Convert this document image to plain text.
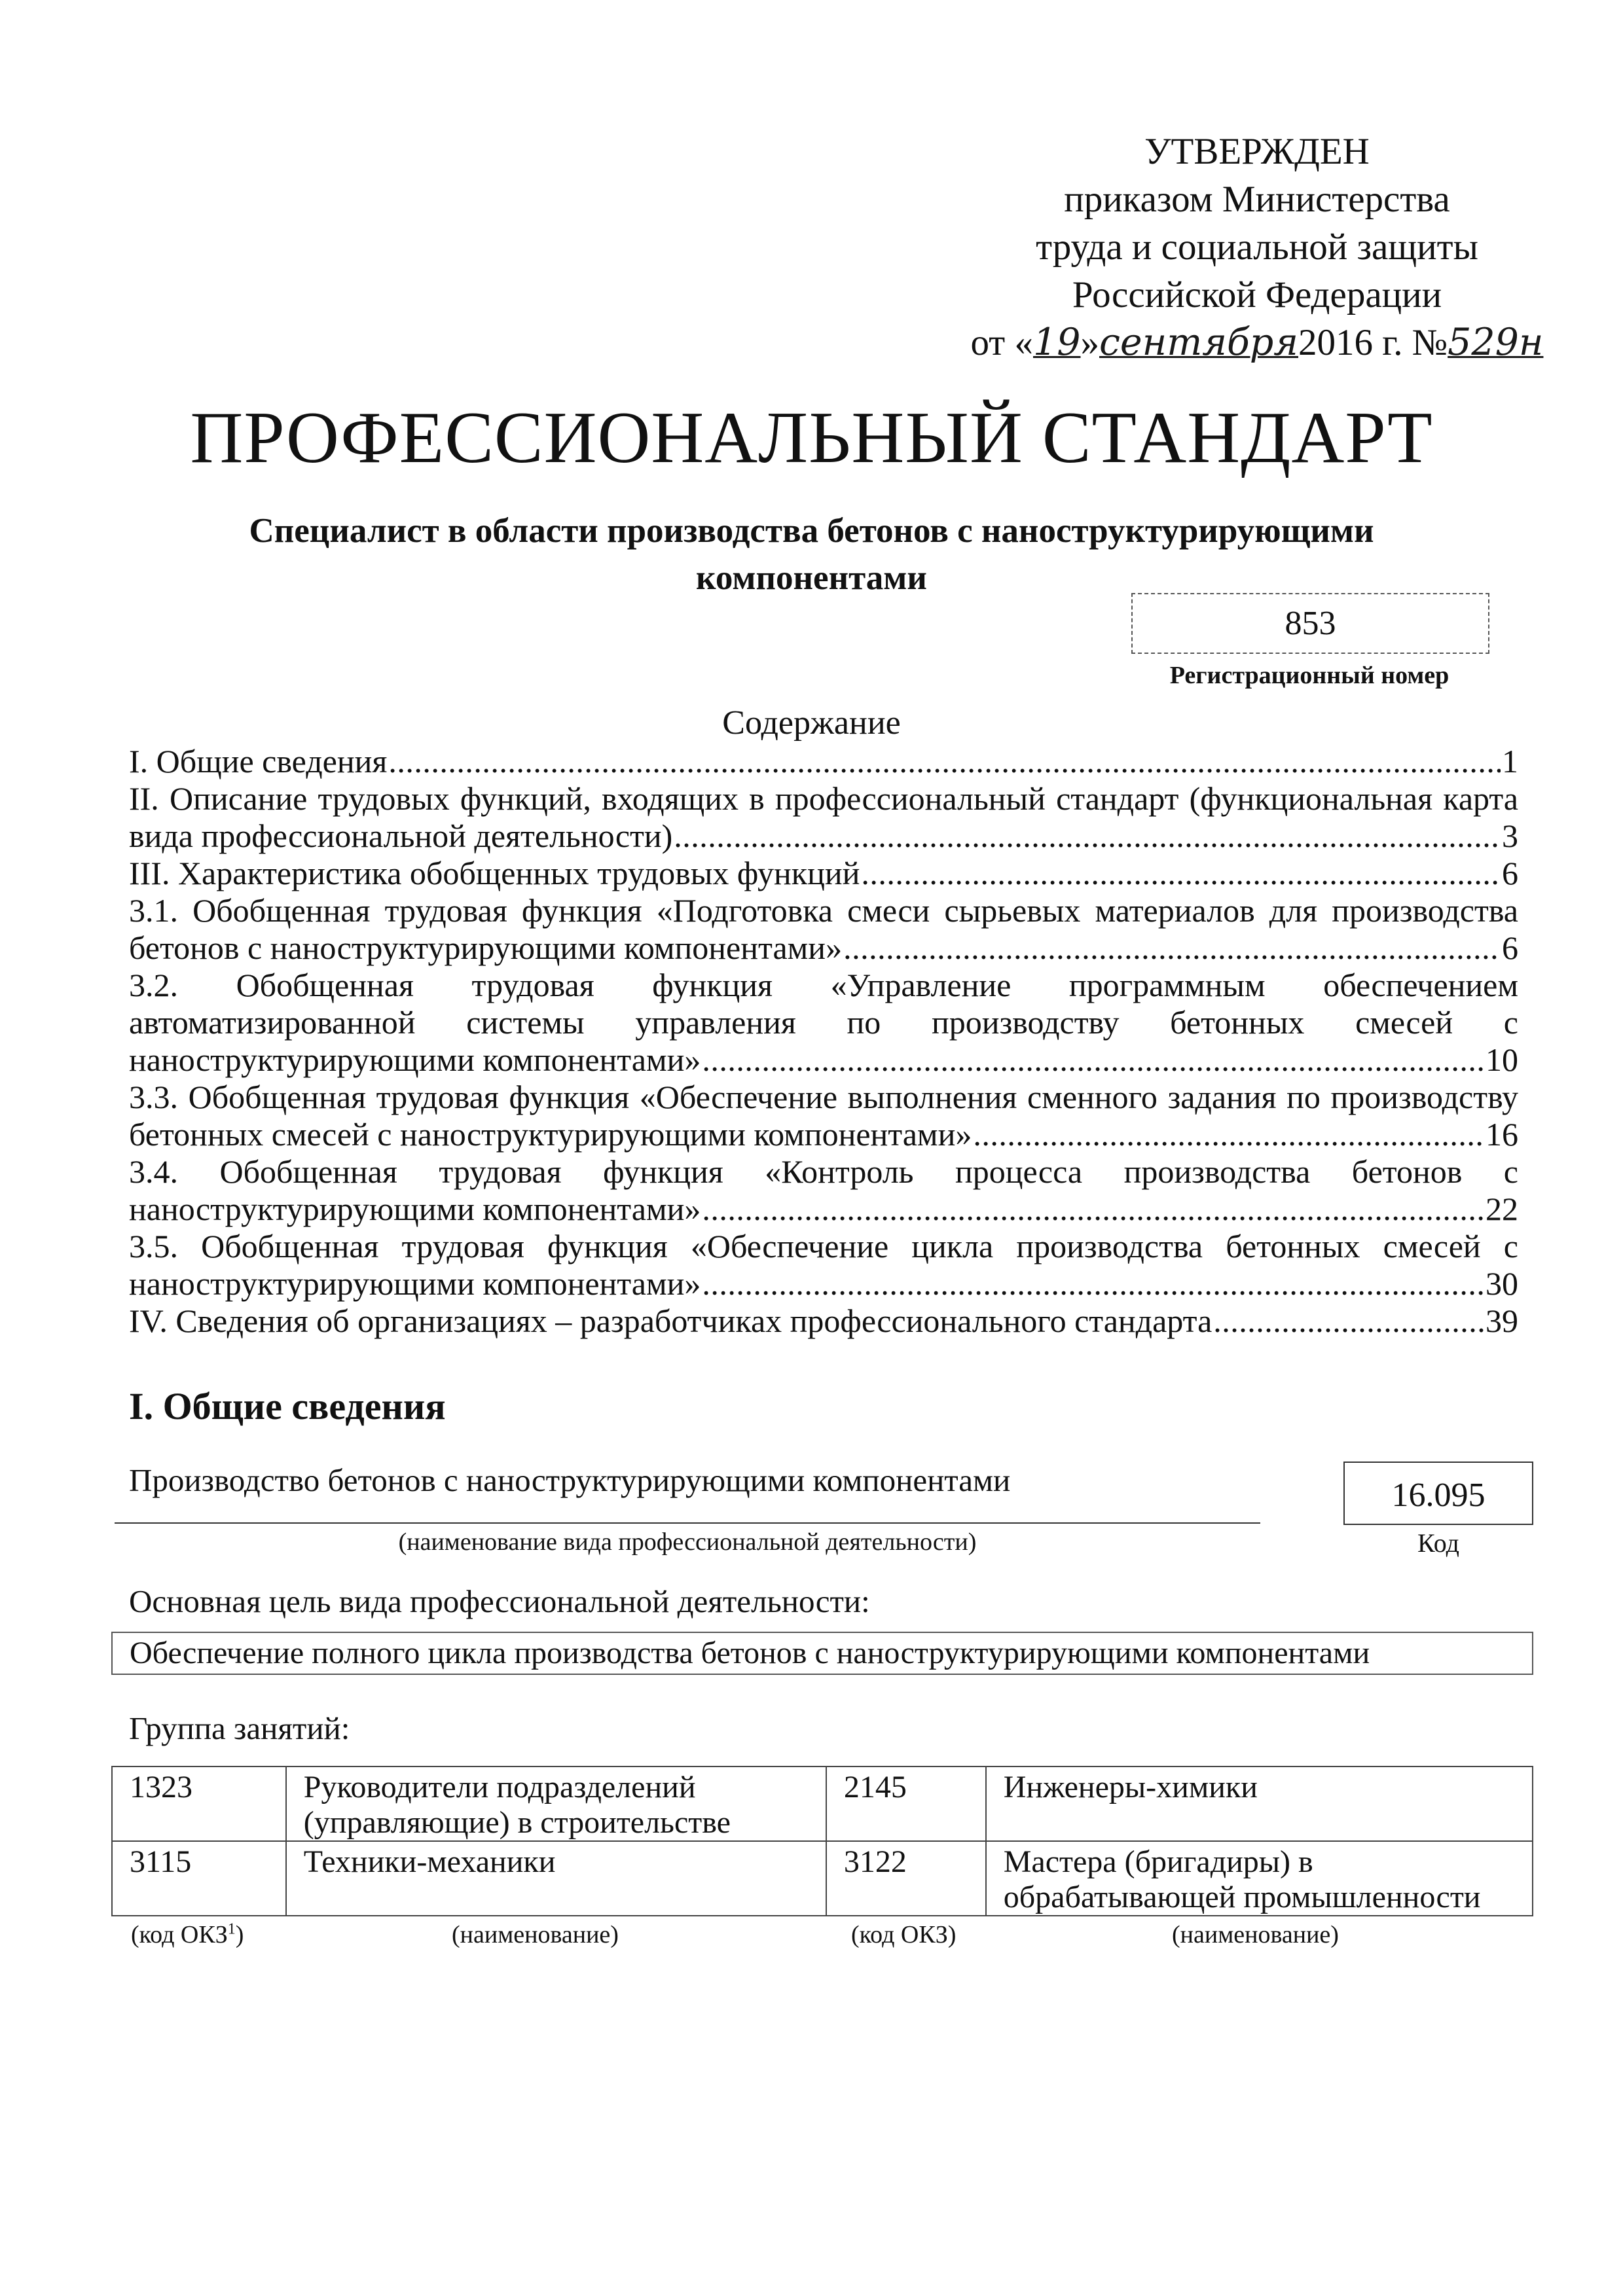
УТВЕРЖДЕН
приказом Министерства
труда и социальной защиты
Российской Федерации
от «19»сентября2016 г. №529н
ПРОФЕССИОНАЛЬНЫЙ СТАНДАРТ
Специалист в области производства бетонов с наноструктурирующими компонентами
853
Регистрационный номер
Содержание
I. Общие сведения . . .	1
II. Описание трудовых функций, входящих в профессиональный стандарт (функциональная карта
вида профессиональной деятельности) . . .	3
III. Характеристика обобщенных трудовых функций . . .	6
3.1. Обобщенная трудовая функция «Подготовка смеси сырьевых материалов для производства
бетонов с наноструктурирующими компонентами» . . .	6
3.2. Обобщенная трудовая функция «Управление программным обеспечением
автоматизированной системы управления по производству бетонных смесей с
наноструктурирующими компонентами» . . .	10
3.3. Обобщенная трудовая функция «Обеспечение выполнения сменного задания по производству
бетонных смесей с наноструктурирующими компонентами» . . .	16
3.4. Обобщенная трудовая функция «Контроль процесса производства бетонов с
наноструктурирующими компонентами» . . .	22
3.5. Обобщенная трудовая функция «Обеспечение цикла производства бетонных смесей с
наноструктурирующими компонентами» . . .	30
IV. Сведения об организациях – разработчиках профессионального стандарта . . .	39
I. Общие сведения
Производство бетонов с наноструктурирующими компонентами
(наименование вида профессиональной деятельности)
16.095
Код
Основная цель вида профессиональной деятельности:
Обеспечение полного цикла производства бетонов с наноструктурирующими компонентами
Группа занятий:
1323	Руководители подразделений (управляющие) в строительстве	2145	Инженеры-химики
3115	Техники-механики	3122	Мастера (бригадиры) в обрабатывающей промышленности
(код ОКЗ$^1$)	(наименование)	(код ОКЗ)	(наименование)
